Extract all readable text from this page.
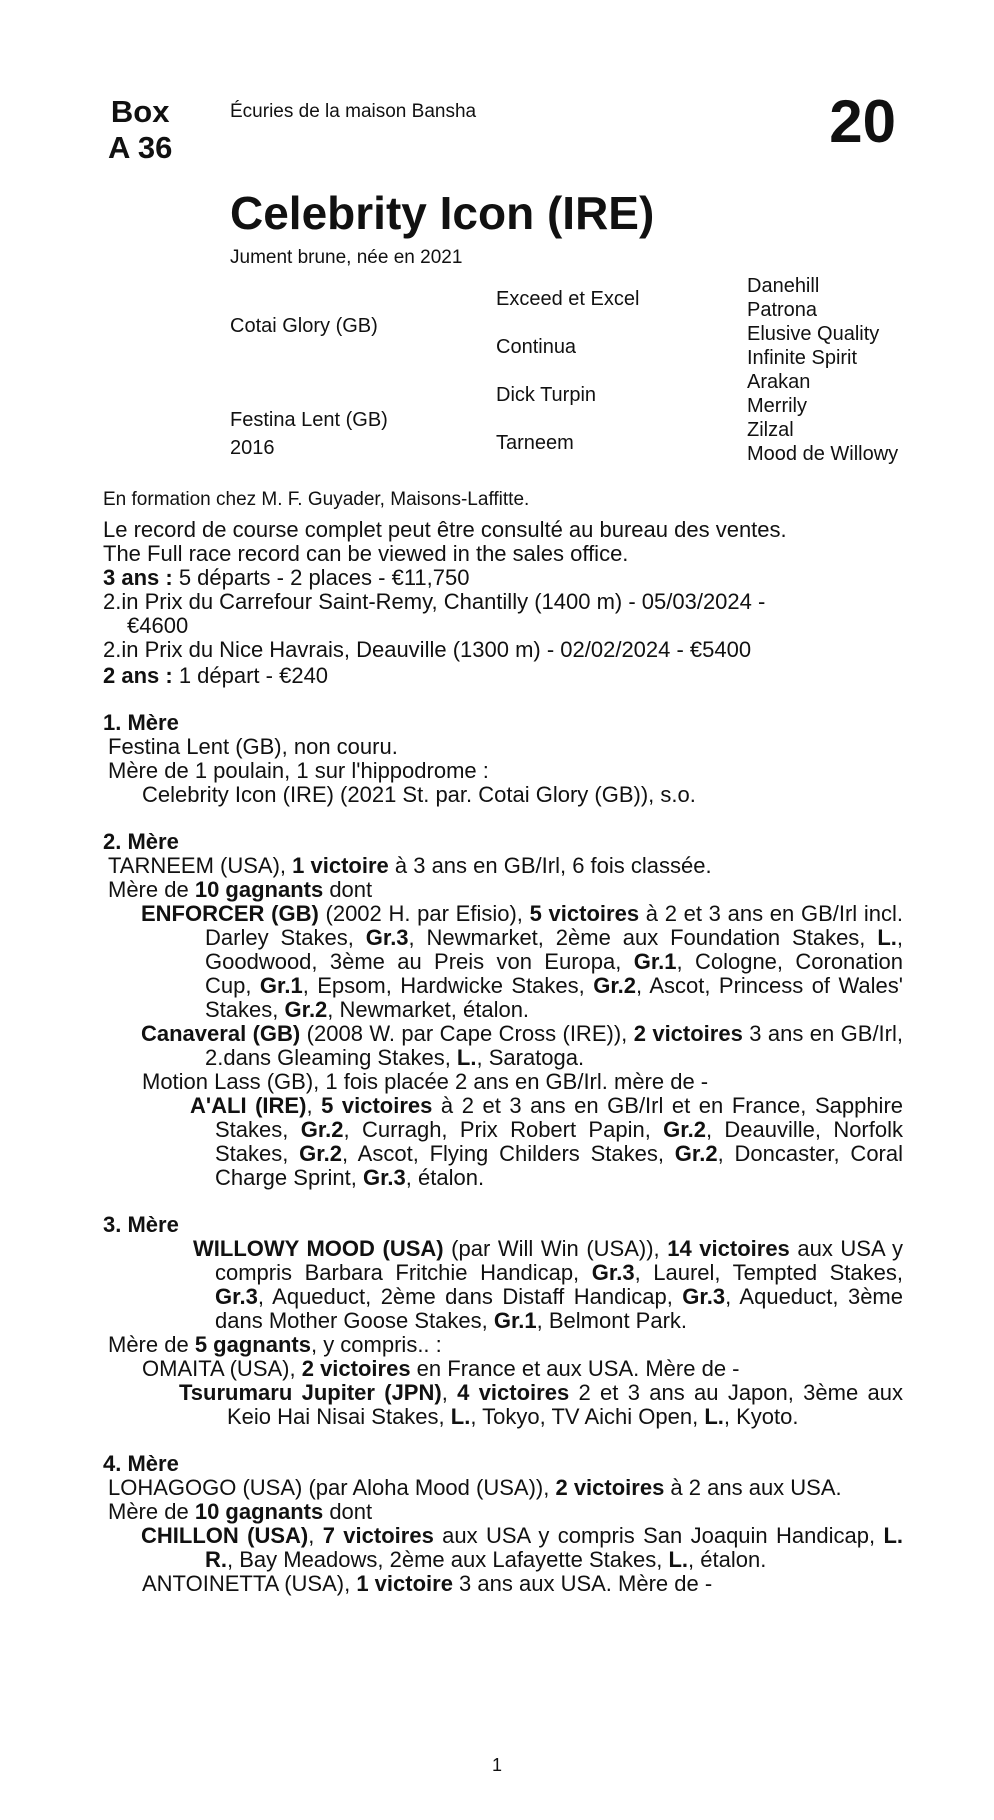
Box
A 36
Écuries de la maison Bansha	20
Celebrity Icon (IRE)
Jument brune, née en 2021
Cotai Glory (GB)
Festina Lent (GB)
2016
Exceed et Excel
Continua
Dick Turpin
Tarneem
Danehill
Patrona
Elusive Quality
Infinite Spirit
Arakan
Merrily
Zilzal
Mood de Willowy

En formation chez M. F. Guyader, Maisons-Laffitte.

Le record de course complet peut être consulté au bureau des ventes.

The Full race record can be viewed in the sales office.

3 ans : 5 départs - 2 places - €11,750

2.in Prix du Carrefour Saint-Remy, Chantilly (1400 m) - 05/03/2024 -

€4600

2.in Prix du Nice Havrais, Deauville (1300 m) - 02/02/2024 - €5400

2 ans : 1 départ - €240

1. Mère

Festina Lent (GB), non couru.

Mère de 1 poulain, 1 sur l'hippodrome :

Celebrity Icon (IRE) (2021 St. par. Cotai Glory (GB)), s.o.

2. Mère

TARNEEM (USA), 1 victoire à 3 ans en GB/Irl, 6 fois classée. Mère de 10 gagnants dont

ENFORCER (GB) (2002 H. par Efisio), 5 victoires à 2 et 3 ans en GB/Irl incl. Darley Stakes, Gr.3, Newmarket, 2ème aux Foundation Stakes, L., Goodwood, 3ème au Preis von Europa, Gr.1, Cologne, Coronation Cup, Gr.1, Epsom, Hardwicke Stakes, Gr.2, Ascot, Princess of Wales' Stakes, Gr.2, Newmarket, étalon.

Canaveral (GB) (2008 W. par Cape Cross (IRE)), 2 victoires 3 ans en GB/Irl, 2.dans Gleaming Stakes, L., Saratoga.

Motion Lass (GB), 1 fois placée 2 ans en GB/Irl. mère de -

A'ALI (IRE), 5 victoires à 2 et 3 ans en GB/Irl et en France, Sapphire Stakes, Gr.2, Curragh, Prix Robert Papin, Gr.2, Deauville, Norfolk Stakes, Gr.2, Ascot, Flying Childers Stakes, Gr.2, Doncaster, Coral Charge Sprint, Gr.3, étalon.

3. Mère

WILLOWY MOOD (USA) (par Will Win (USA)), 14 victoires aux USA y compris Barbara Fritchie Handicap, Gr.3, Laurel, Tempted Stakes, Gr.3, Aqueduct, 2ème dans Distaff Handicap, Gr.3, Aqueduct, 3ème dans Mother Goose Stakes, Gr.1, Belmont Park.

Mère de 5 gagnants, y compris.. :

OMAITA (USA), 2 victoires en France et aux USA. Mère de -

Tsurumaru Jupiter (JPN), 4 victoires 2 et 3 ans au Japon, 3ème aux Keio Hai Nisai Stakes, L., Tokyo, TV Aichi Open, L., Kyoto.

4. Mère

LOHAGOGO (USA) (par Aloha Mood (USA)), 2 victoires à 2 ans aux USA. Mère de 10 gagnants dont

CHILLON (USA), 7 victoires aux USA y compris San Joaquin Handicap, L. R., Bay Meadows, 2ème aux Lafayette Stakes, L., étalon.

ANTOINETTA (USA), 1 victoire 3 ans aux USA. Mère de -

1
